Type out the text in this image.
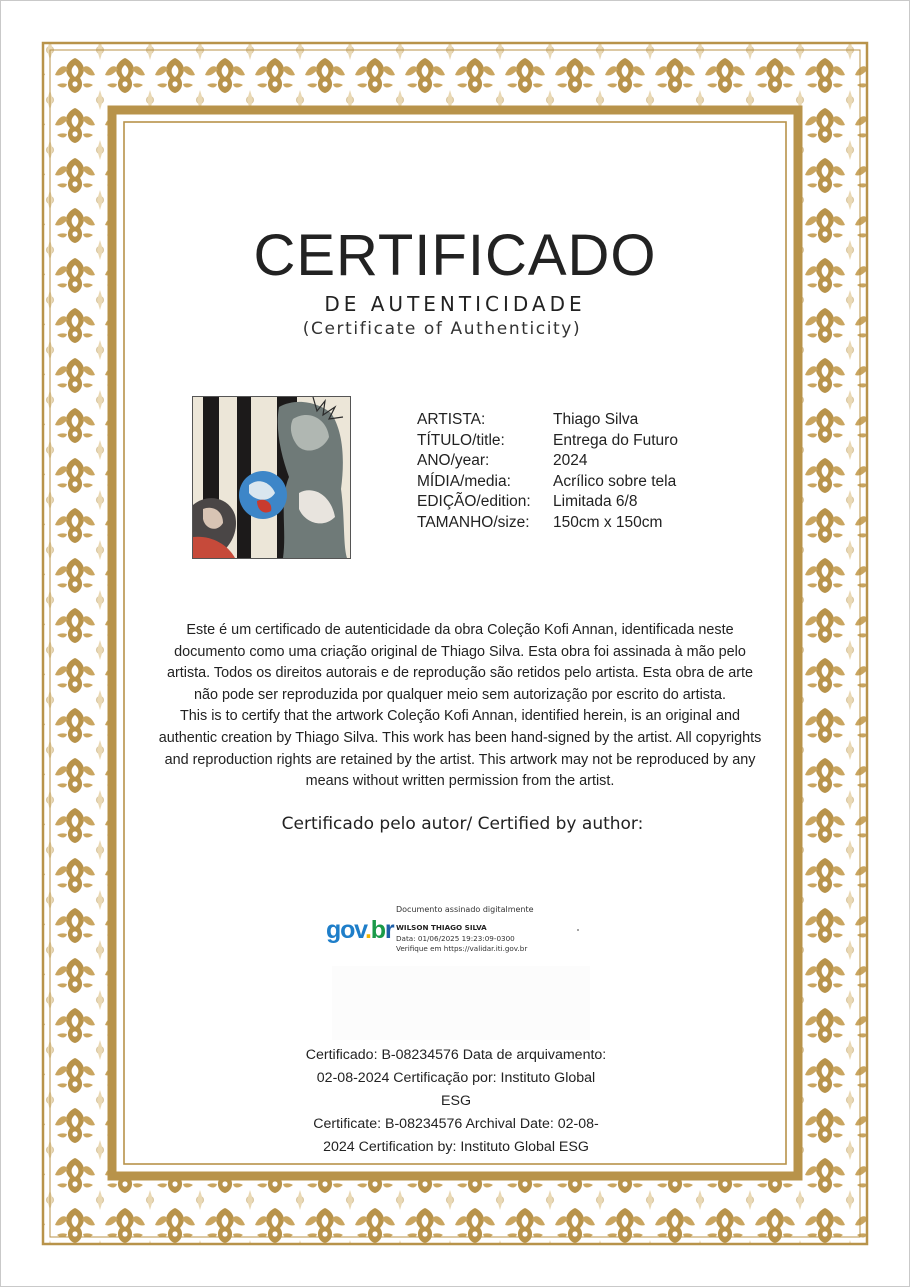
CERTIFICADO
DE AUTENTICIDADE
(Certificate of Authenticity)
ARTISTA:	Thiago Silva
TÍTULO/title:	Entrega do Futuro
ANO/year:	2024
MÍDIA/media:	Acrílico sobre tela
EDIÇÃO/edition: Limitada 6/8
TAMANHO/size: 150cm x 150cm

Este é um certificado de autenticidade da obra Coleção Kofi Annan, identificada neste documento como uma criação original de Thiago Silva. Esta obra foi assinada à mão pelo artista. Todos os direitos autorais e de reprodução são retidos pelo artista. Esta obra de arte não pode ser reproduzida por qualquer meio sem autorização por escrito do artista.

This is to certify that the artwork Coleção Kofi Annan, identified herein, is an original and authentic creation by Thiago Silva. This work has been hand-signed by the artist. All copyrights and reproduction rights are retained by the artist. This artwork may not be reproduced by any means without written permission from the artist.

Certificado pelo autor/ Certified by author:
gov.br
Documento assinado digitalmente
WILSON THIAGO SILVA
Data: 01/06/2025 19:23:09-0300
Verifique em https://validar.iti.gov.br

Certificado: B-08234576 Data de arquivamento: 02-08-2024 Certificação por: Instituto Global ESG

Certificate: B-08234576 Archival Date: 02-08-2024 Certification by: Instituto Global ESG
